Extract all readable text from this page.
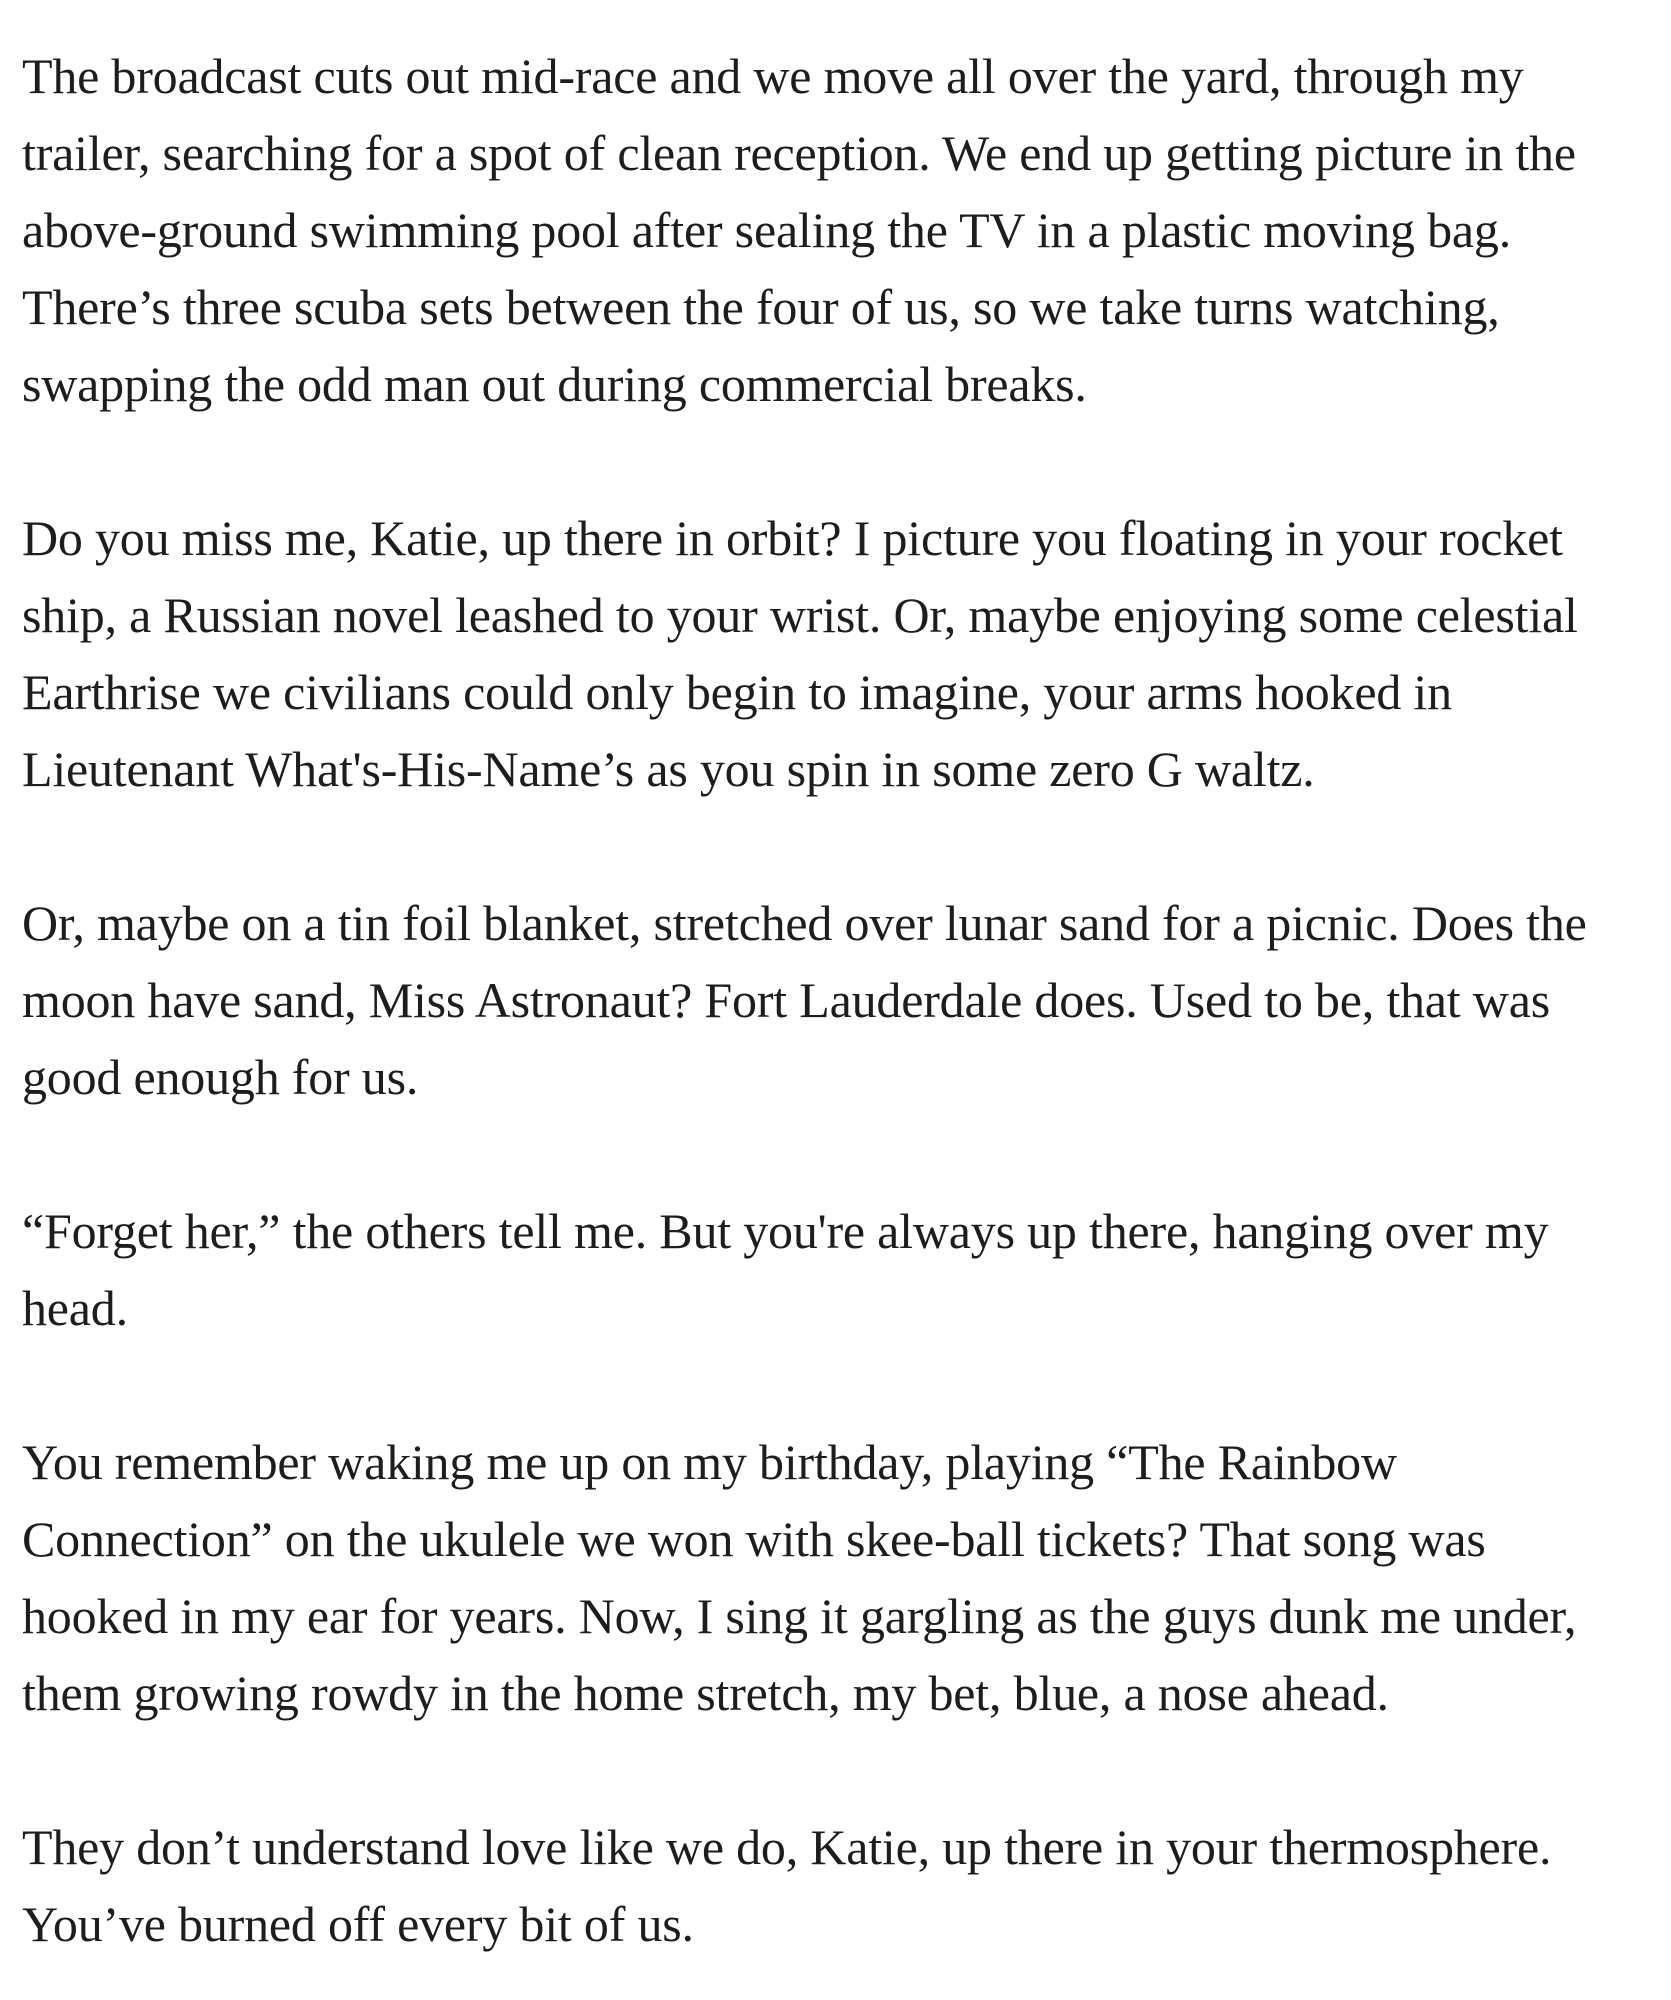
The broadcast cuts out mid-race and we move all over the yard, through my trailer, searching for a spot of clean reception. We end up getting picture in the above-ground swimming pool after sealing the TV in a plastic moving bag. There’s three scuba sets between the four of us, so we take turns watching, swapping the odd man out during commercial breaks.

Do you miss me, Katie, up there in orbit? I picture you floating in your rocket ship, a Russian novel leashed to your wrist. Or, maybe enjoying some celestial Earthrise we civilians could only begin to imagine, your arms hooked in Lieutenant What's-His-Name’s as you spin in some zero G waltz.

Or, maybe on a tin foil blanket, stretched over lunar sand for a picnic. Does the moon have sand, Miss Astronaut? Fort Lauderdale does. Used to be, that was good enough for us.

“Forget her,” the others tell me. But you're always up there, hanging over my head.

You remember waking me up on my birthday, playing “The Rainbow Connection” on the ukulele we won with skee-ball tickets? That song was hooked in my ear for years. Now, I sing it gargling as the guys dunk me under, them growing rowdy in the home stretch, my bet, blue, a nose ahead.

They don’t understand love like we do, Katie, up there in your thermosphere. You’ve burned off every bit of us.
